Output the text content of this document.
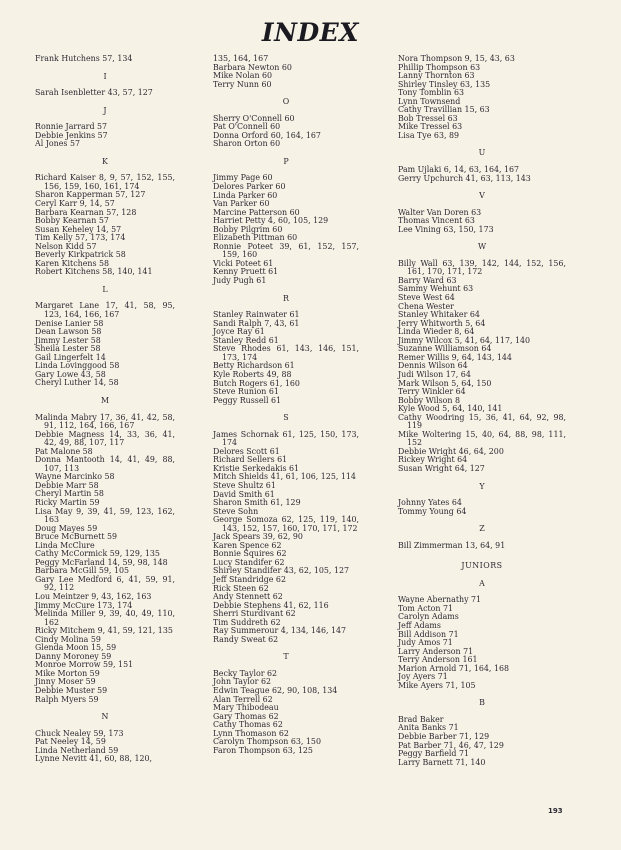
INDEX
Frank Hutchens 57, 134
I
Sarah Isenbletter 43, 57, 127
J
Ronnie Jarrard 57
Debbie Jenkins 57
Al Jones 57
K
Richard Kaiser 8, 9, 57, 152, 155, 156, 159, 160, 161, 174
Sharon Kapperman 57, 127
Ceryl Karr 9, 14, 57
Barbara Kearnan 57, 128
Bobby Kearnan 57
Susan Keheley 14, 57
Tim Kelly 57, 173, 174
Nelson Kidd 57
Beverly Kirkpatrick 58
Karen Kitchens 58
Robert Kitchens 58, 140, 141
L
Margaret Lane 17, 41, 58, 95, 123, 164, 166, 167
Denise Lanier 58
Dean Lawson 58
Jimmy Lester 58
Sheila Lester 58
Gail Lingerfelt 14
Linda Lovinggood 58
Gary Lowe 43, 58
Cheryl Luther 14, 58
M
Malinda Mabry 17, 36, 41, 42, 58, 91, 112, 164, 166, 167
Debbie Magness 14, 33, 36, 41, 42, 49, 88, 107, 117
Pat Malone 58
Donna Mantooth 14, 41, 49, 88, 107, 113
Wayne Marcinko 58
Debbie Marr 58
Cheryl Martin 58
Ricky Martin 59
Lisa May 9, 39, 41, 59, 123, 162, 163
Doug Mayes 59
Bruce McBurnett 59
Linda McClure
Cathy McCormick 59, 129, 135
Peggy McFarland 14, 59, 98, 148
Barbara McGill 59, 105
Gary Lee Medford 6, 41, 59, 91, 92, 112
Lou Meintzer 9, 43, 162, 163
Jimmy McCure 173, 174
Melinda Miller 9, 39, 40, 49, 110, 162
Ricky Mitchem 9, 41, 59, 121, 135
Cindy Molina 59
Glenda Moon 15, 59
Danny Moroney 59
Monroe Morrow 59, 151
Mike Morton 59
Jinny Moser 59
Debbie Muster 59
Ralph Myers 59
N
Chuck Nealey 59, 173
Pat Neeley 14, 59
Linda Netherland 59
Lynne Nevitt 41, 60, 88, 120,
135, 164, 167
Barbara Newton 60
Mike Nolan 60
Terry Nunn 60
O
Sherry O'Connell 60
Pat O'Connell 60
Donna Orford 60, 164, 167
Sharon Orton 60
P
Jimmy Page 60
Delores Parker 60
Linda Parker 60
Van Parker 60
Marcine Patterson 60
Harriet Petty 4, 60, 105, 129
Bobby Pilgrim 60
Elizabeth Pittman 60
Ronnie Poteet 39, 61, 152, 157, 159, 160
Vicki Poteet 61
Kenny Pruett 61
Judy Pugh 61
R
Stanley Rainwater 61
Sandi Ralph 7, 43, 61
Joyce Ray 61
Stanley Redd 61
Steve Rhodes 61, 143, 146, 151, 173, 174
Betty Richardson 61
Kyle Roberts 49, 88
Butch Rogers 61, 160
Steve Runion 61
Peggy Russell 61
S
James Schornak 61, 125, 150, 173, 174
Delores Scott 61
Richard Sellers 61
Kristie Serkedakis 61
Mitch Shields 41, 61, 106, 125, 114
Steve Shultz 61
David Smith 61
Sharon Smith 61, 129
Steve Sohn
George Somoza 62, 125, 119, 140, 143, 152, 157, 160, 170, 171, 172
Jack Spears 39, 62, 90
Karen Spence 62
Bonnie Squires 62
Lucy Standifer 62
Shirley Standifer 43, 62, 105, 127
Jeff Standridge 62
Rick Steen 62
Andy Stennett 62
Debbie Stephens 41, 62, 116
Sherri Sturdivant 62
Tim Suddreth 62
Ray Summerour 4, 134, 146, 147
Randy Sweat 62
T
Becky Taylor 62
John Taylor 62
Edwin Teague 62, 90, 108, 134
Alan Terrell 62
Mary Thibodeau
Gary Thomas 62
Cathy Thomas 62
Lynn Thomason 62
Carolyn Thompson 63, 150
Faron Thompson 63, 125
Nora Thompson 9, 15, 43, 63
Phillip Thompson 63
Lanny Thornton 63
Shirley Tinsley 63, 135
Tony Tomblin 63
Lynn Townsend
Cathy Travillian 15, 63
Bob Tressel 63
Mike Tressel 63
Lisa Tye 63, 89
U
Pam Ujlaki 6, 14, 63, 164, 167
Gerry Upchurch 41, 63, 113, 143
V
Walter Van Doren 63
Thomas Vincent 63
Lee Vining 63, 150, 173
W
Billy Wall 63, 139, 142, 144, 152, 156, 161, 170, 171, 172
Barry Ward 63
Sammy Wehunt 63
Steve West 64
Chena Wester
Stanley Whitaker 64
Jerry Whitworth 5, 64
Linda Wieder 8, 64
Jimmy Wilcox 5, 41, 64, 117, 140
Suzanne Williamson 64
Remer Willis 9, 64, 143, 144
Dennis Wilson 64
Judi Wilson 17, 64
Mark Wilson 5, 64, 150
Terry Winkler 64
Bobby Wilson 8
Kyle Wood 5, 64, 140, 141
Cathy Woodring 15, 36, 41, 64, 92, 98, 119
Mike Woltering 15, 40, 64, 88, 98, 111, 152
Debbie Wright 46, 64, 200
Rickey Wright 64
Susan Wright 64, 127
Y
Johnny Yates 64
Tommy Young 64
Z
Bill Zimmerman 13, 64, 91
JUNIORS
A
Wayne Abernathy 71
Tom Acton 71
Carolyn Adams
Jeff Adams
Bill Addison 71
Judy Amos 71
Larry Anderson 71
Terry Anderson 161
Marion Arnold 71, 164, 168
Joy Ayers 71
Mike Ayers 71, 105
B
Brad Baker
Anita Banks 71
Debbie Barber 71, 129
Pat Barber 71, 46, 47, 129
Peggy Barfield 71
Larry Barnett 71, 140
193
